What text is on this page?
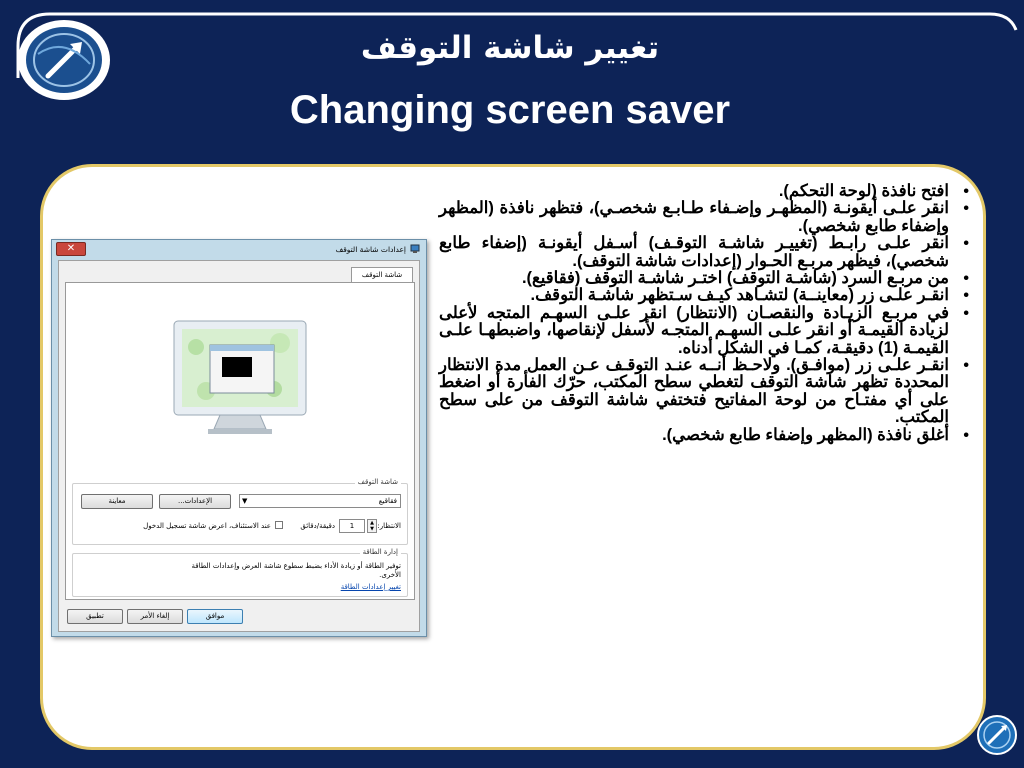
تغيير شاشة التوقف
Changing screen saver
إعدادات شاشة التوقف
✕
شاشة التوقف
شاشة التوقف
فقاقيع
▼
الإعدادات...
معاينة
الانتظار:
1	▲
▼
دقيقة/دقائق
عند الاستئناف، اعرض شاشة تسجيل الدخول
إدارة الطاقة
توفير الطاقة أو زيادة الأداء بضبط سطوع شاشة العرض وإعدادات الطاقة
الأخرى.
تغيير إعدادات الطاقة
موافق
إلغاء الأمر
تطبيق
• افتح نافذة (لوحة التحكم).
• انقر علـى أيقونـة (المظهـر وإضـفاء طـابـع شخصـي)، فتظهر نافذة (المظهر وإضفاء طابع شخصي).
• انقر علـى رابـط (تغييـر شاشـة التوقـف) أسـفل أيقونـة (إضفاء طابع شخصي)، فيظهر مربـع الحـوار (إعدادات شاشة التوقف).
• من مربـع السرد (شاشـة التوقف) اختـر شاشـة التوقف (فقاقيع).
• انقـر علـى زر (معاينــة) لتشـاهد كيـف سـتظهر شاشـة التوقف.
• في مربـع الزيـادة والنقصـان (الانتظار) انقر علـى السهـم المتجه لأعلى لزيادة القيمـة أو انقر علـى السهـم المتجـه لأسفل لإنقاصها، واضبطهـا علـى القيمـة (1) دقيقـة، كمـا في الشكل أدناه.
• انقـر علـى زر (موافـق). ولاحـظ أنــه عنـد التوقـف عـن العمل مدة الانتظار المحددة تظهر شاشة التوقف لتغطي سطح المكتب، حرّك الفأرة أو اضغط على أي مفتـاح من لوحة المفاتيح فتختفي شاشة التوقف من على سطح المكتب.
• أغلق نافذة (المظهر وإضفاء طابع شخصي).
